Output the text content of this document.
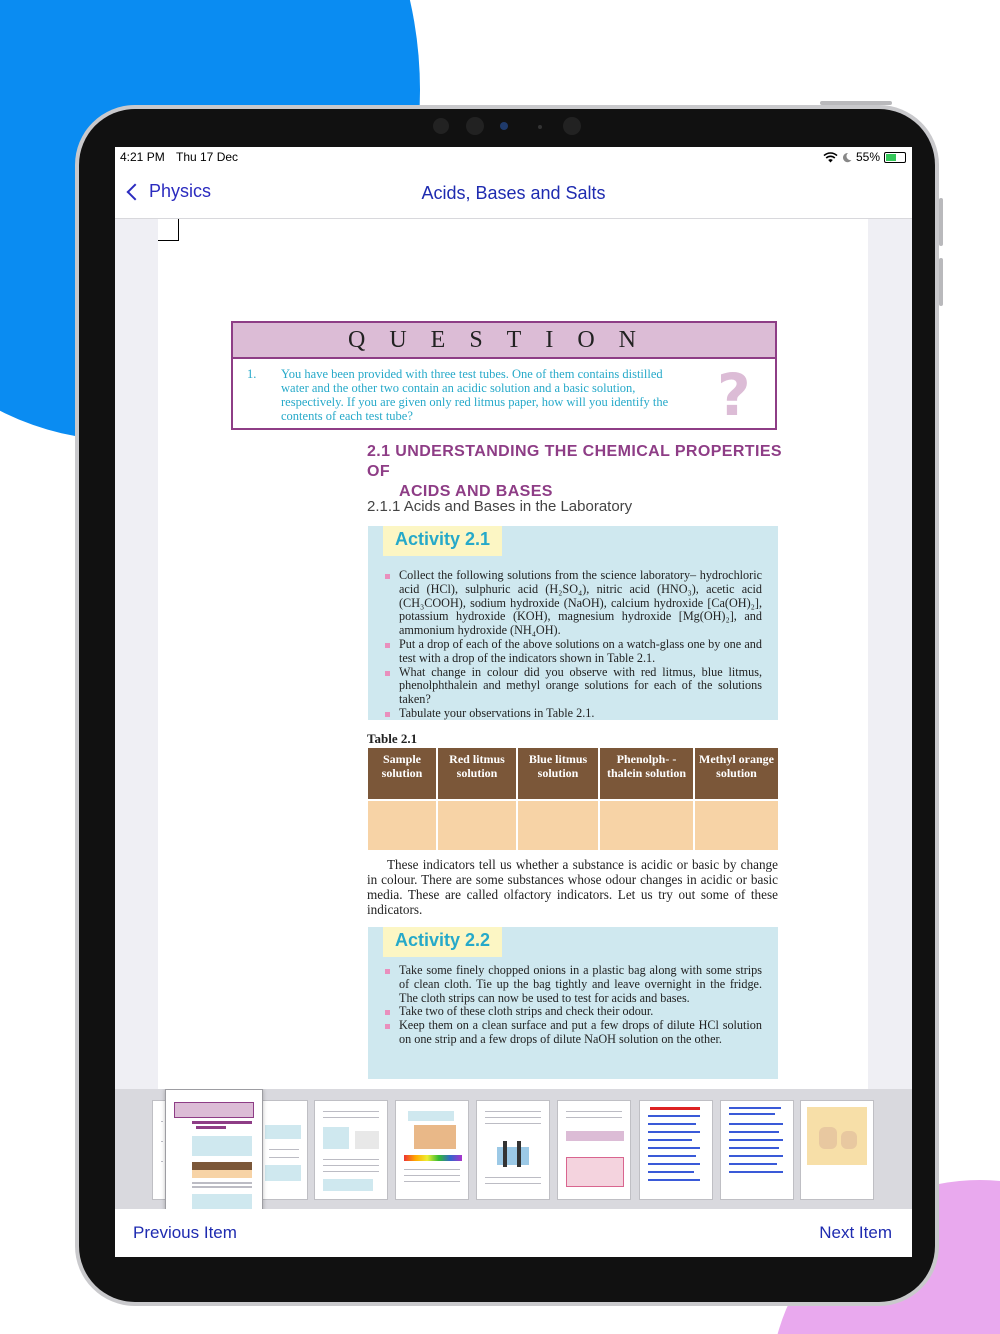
4:21 PM Thu 17 Dec	55%
Physics	Acids, Bases and Salts
QUESTION
1.	You have been provided with three test tubes. One of them contains distilled water and the other two contain an acidic solution and a basic solution, respectively. If you are given only red litmus paper, how will you identify the contents of each test tube?	?
2.1 UNDERSTANDING THE CHEMICAL PROPERTIES OF
ACIDS AND BASES
2.1.1 Acids and Bases in the Laboratory
Activity 2.1
Collect the following solutions from the science laboratory– hydrochloric acid (HCl), sulphuric acid (H₂SO₄), nitric acid (HNO₃), acetic acid (CH₃COOH), sodium hydroxide (NaOH), calcium hydroxide [Ca(OH)₂], potassium hydroxide (KOH), magnesium hydroxide [Mg(OH)₂], and ammonium hydroxide (NH₄OH).
Put a drop of each of the above solutions on a watch-glass one by one and test with a drop of the indicators shown in Table 2.1.
What change in colour did you observe with red litmus, blue litmus, phenolphthalein and methyl orange solutions for each of the solutions taken?
Tabulate your observations in Table 2.1.
Table 2.1
Sample solution	Red litmus solution	Blue litmus solution	Phenolph- -thalein solution	Methyl orange solution

These indicators tell us whether a substance is acidic or basic by change in colour. There are some substances whose odour changes in acidic or basic media. These are called olfactory indicators. Let us try out some of these indicators.

Activity 2.2
Take some finely chopped onions in a plastic bag along with some strips of clean cloth. Tie up the bag tightly and leave overnight in the fridge. The cloth strips can now be used to test for acids and bases.
Take two of these cloth strips and check their odour.
Keep them on a clean surface and put a few drops of dilute HCl solution on one strip and a few drops of dilute NaOH solution on the other.
Previous Item	Next Item
